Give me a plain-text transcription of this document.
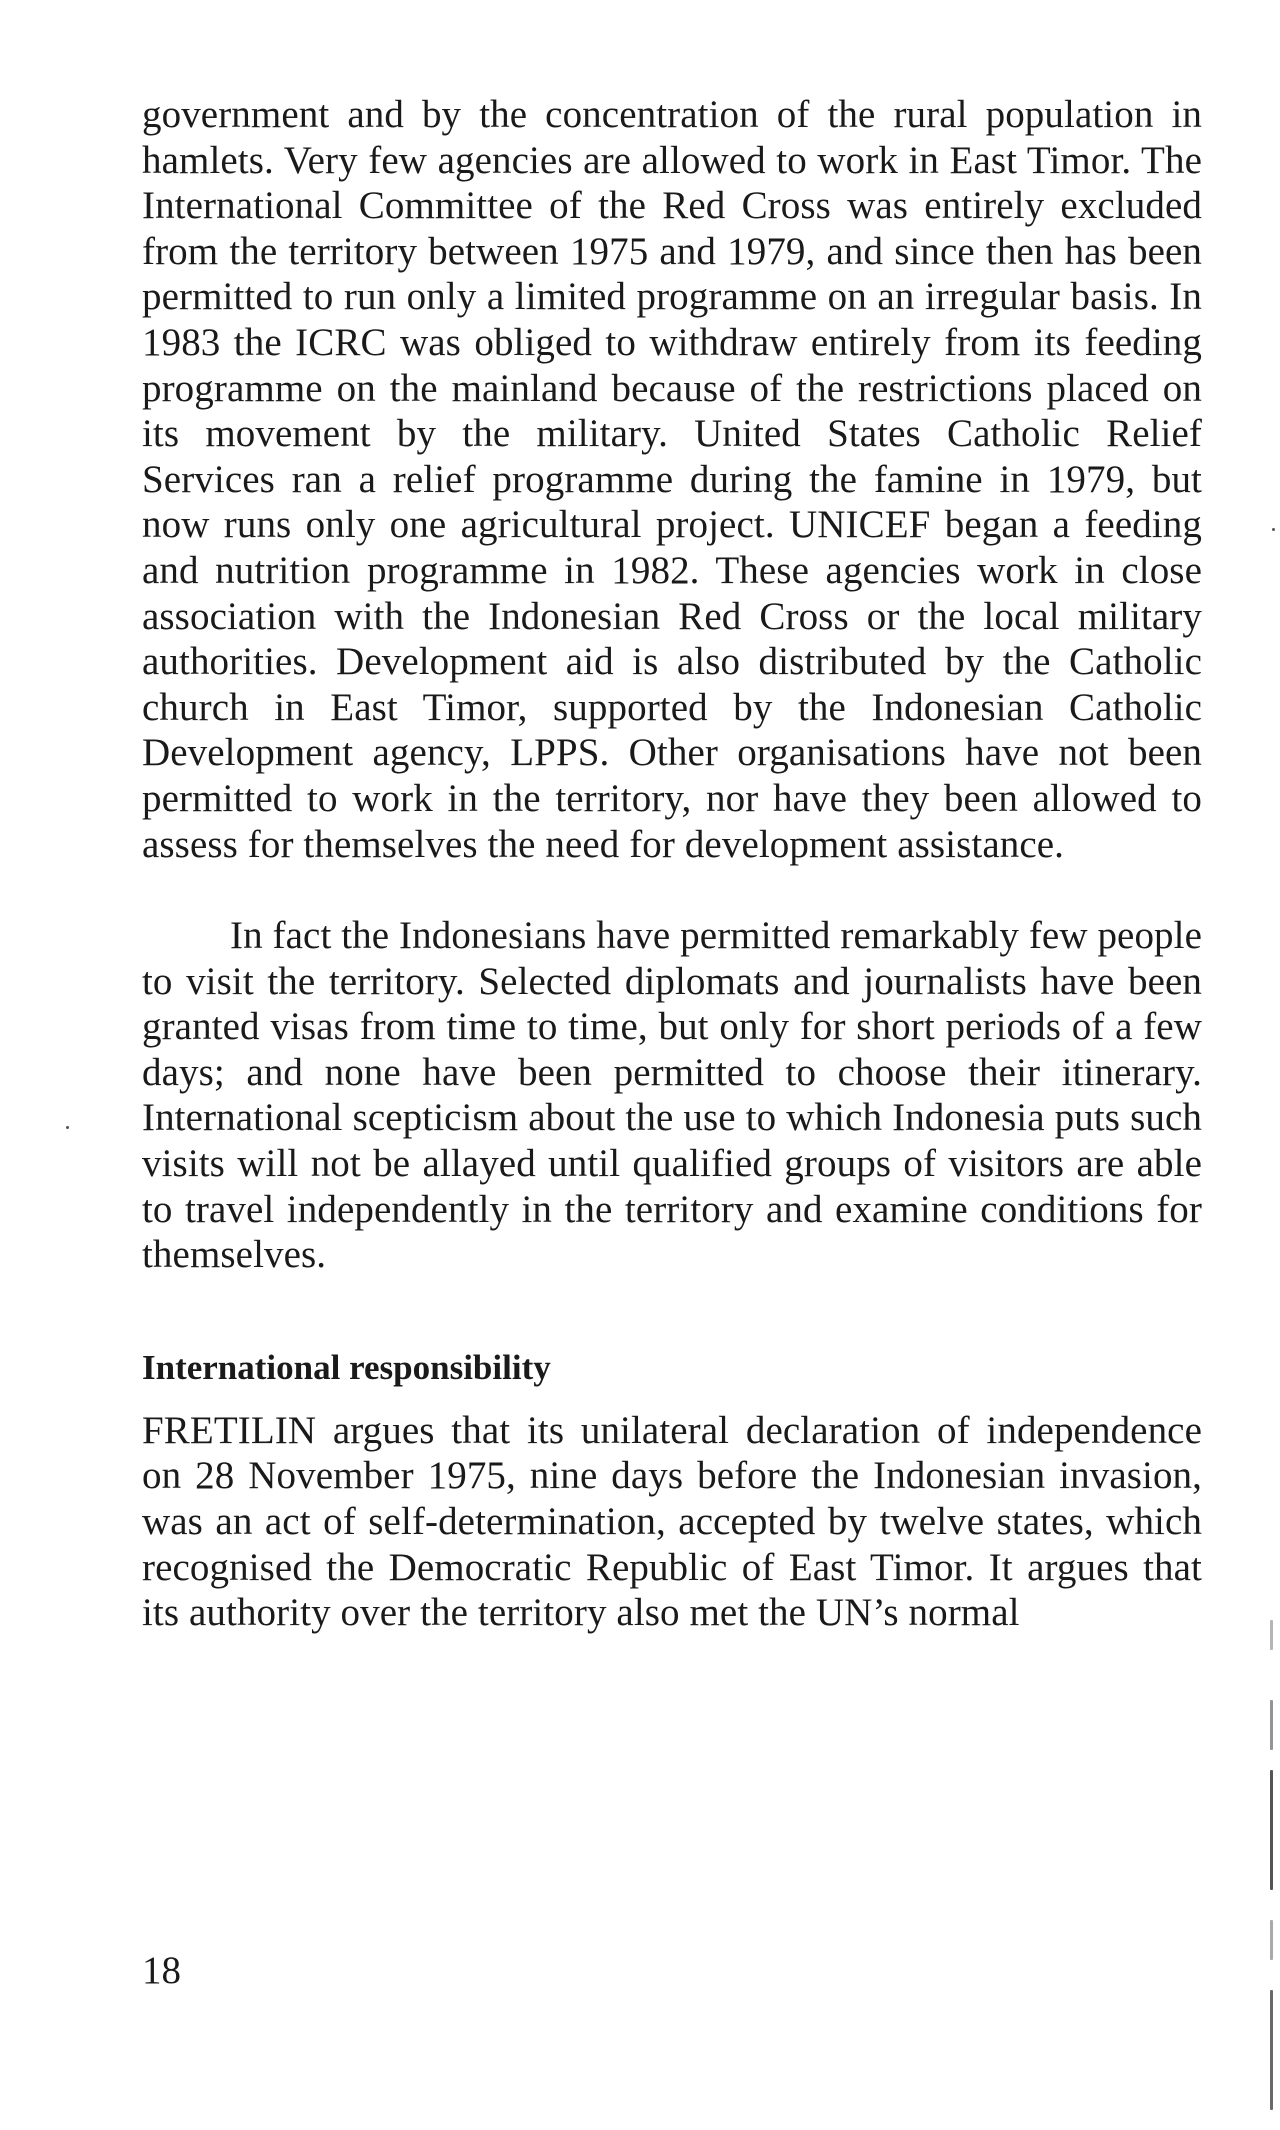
government and by the concentration of the rural population in hamlets. Very few agencies are allowed to work in East Timor. The International Committee of the Red Cross was entirely excluded from the territory between 1975 and 1979, and since then has been permitted to run only a limited programme on an irregular basis. In 1983 the ICRC was obliged to withdraw entirely from its feeding programme on the mainland because of the restrictions placed on its movement by the military. United States Catholic Relief Services ran a relief programme during the famine in 1979, but now runs only one agricultural project. UNICEF began a feeding and nutrition programme in 1982. These agencies work in close association with the Indonesian Red Cross or the local military authorities. Development aid is also distributed by the Catholic church in East Timor, supported by the Indonesian Catholic Development agency, LPPS. Other organisations have not been permitted to work in the territory, nor have they been allowed to assess for themselves the need for development assistance.

In fact the Indonesians have permitted remarkably few people to visit the territory. Selected diplomats and journalists have been granted visas from time to time, but only for short periods of a few days; and none have been permitted to choose their itinerary. International scepticism about the use to which Indonesia puts such visits will not be allayed until qualified groups of visitors are able to travel independently in the territory and examine conditions for themselves.

International responsibility

FRETILIN argues that its unilateral declaration of independence on 28 November 1975, nine days before the Indonesian invasion, was an act of self-determination, accepted by twelve states, which recognised the Democratic Republic of East Timor. It argues that its authority over the territory also met the UN’s normal

18
